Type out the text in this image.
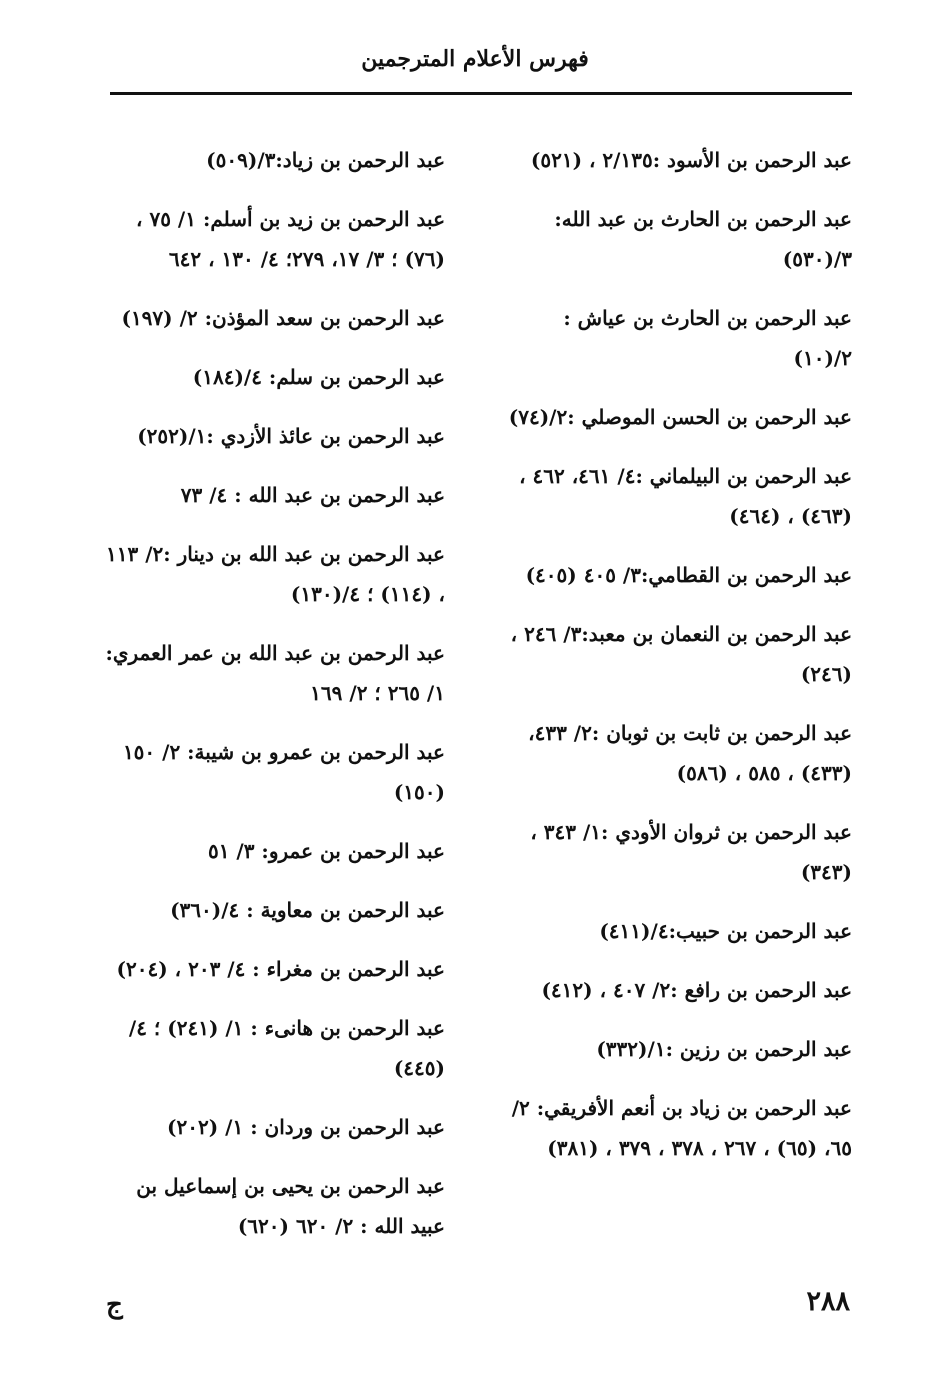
فهرس الأعلام المترجمين
عبد الرحمن بن الأسود :٢/١٣٥ ، (٥٢١)
عبد الرحمن بن الحارث بن عبد الله: ٣/(٥٣٠)
عبد الرحمن بن الحارث بن عياش : ٢/(١٠)
عبد الرحمن بن الحسن الموصلي :٢/(٧٤)
عبد الرحمن بن البيلماني :٤/ ٤٦١، ٤٦٢ ، (٤٦٣) ، (٤٦٤)
عبد الرحمن بن القطامي:٣/ ٤٠٥ (٤٠٥)
عبد الرحمن بن النعمان بن معبد:٣/ ٢٤٦ ، (٢٤٦)
عبد الرحمن بن ثابت بن ثوبان :٢/ ٤٣٣، (٤٣٣) ، ٥٨٥ ، (٥٨٦)
عبد الرحمن بن ثروان الأودي :١/ ٣٤٣ ، (٣٤٣)
عبد الرحمن بن حبيب:٤/(٤١١)
عبد الرحمن بن رافع :٢/ ٤٠٧ ، (٤١٢)
عبد الرحمن بن رزين :١/(٣٣٢)
عبد الرحمن بن زياد بن أنعم الأفريقي: ٢/ ٦٥، (٦٥) ، ٢٦٧ ، ٣٧٨ ، ٣٧٩ ، (٣٨١)
عبد الرحمن بن زياد:٣/(٥٠٩)
عبد الرحمن بن زيد بن أسلم: ١/ ٧٥ ، (٧٦) ؛ ٣/ ١٧، ٢٧٩؛ ٤/ ١٣٠ ، ٦٤٢
عبد الرحمن بن سعد المؤذن: ٢/ (١٩٧)
عبد الرحمن بن سلم: ٤/(١٨٤)
عبد الرحمن بن عائذ الأزدي :١/(٢٥٢)
عبد الرحمن بن عبد الله : ٤/ ٧٣
عبد الرحمن بن عبد الله بن دينار :٢/ ١١٣ ، (١١٤) ؛ ٤/(١٣٠)
عبد الرحمن بن عبد الله بن عمر العمري: ١/ ٢٦٥ ؛ ٢/ ١٦٩
عبد الرحمن بن عمرو بن شيبة: ٢/ ١٥٠ (١٥٠)
عبد الرحمن بن عمرو: ٣/ ٥١
عبد الرحمن بن معاوية : ٤/(٣٦٠)
عبد الرحمن بن مغراء : ٤/ ٢٠٣ ، (٢٠٤)
عبد الرحمن بن هانىء : ١/ (٢٤١) ؛ ٤/ (٤٤٥)
عبد الرحمن بن وردان : ١/ (٢٠٢)
عبد الرحمن بن يحيى بن إسماعيل بن عبيد الله : ٢/ ٦٢٠ (٦٢٠)
٢٨٨
ج
